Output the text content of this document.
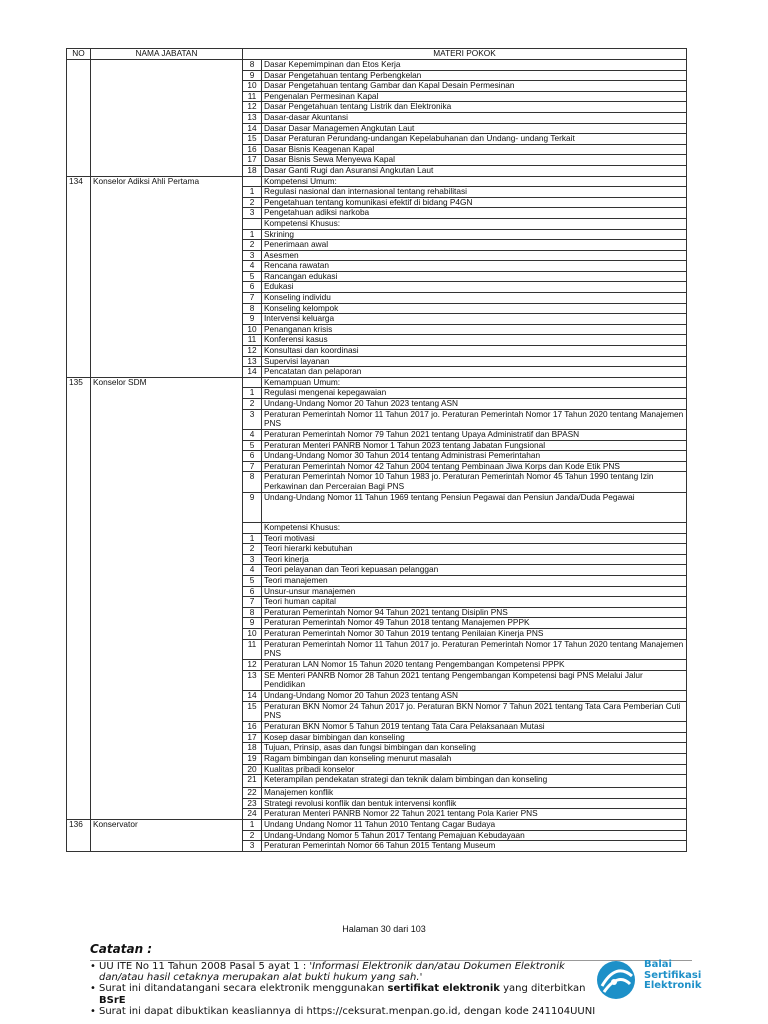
NO	NAMA JABATAN	MATERI POKOK	
		8	Dasar Kepemimpinan dan Etos Kerja
		9	Dasar Pengetahuan tentang Perbengkelan
		10	Dasar Pengetahuan tentang Gambar dan Kapal Desain Permesinan
		11	Pengenalan Permesinan Kapal
		12	Dasar Pengetahuan tentang Listrik dan Elektronika
		13	Dasar-dasar Akuntansi
		14	Dasar Dasar Managemen Angkutan Laut
		15	Dasar Peraturan Perundang-undangan Kepelabuhanan dan Undang- undang Terkait
		16	Dasar Bisnis Keagenan Kapal
		17	Dasar Bisnis Sewa Menyewa Kapal
		18	Dasar Ganti Rugi dan Asuransi Angkutan Laut
134	Konselor Adiksi Ahli Pertama		Kompetensi Umum:
		1	Regulasi nasional dan internasional tentang rehabilitasi
		2	Pengetahuan tentang komunikasi efektif di bidang P4GN
		3	Pengetahuan adiksi narkoba
			Kompetensi Khusus:
		1	Skrining
		2	Penerimaan awal
		3	Asesmen
		4	Rencana rawatan
		5	Rancangan edukasi
		6	Edukasi
		7	Konseling individu
		8	Konseling kelompok
		9	Intervensi keluarga
		10	Penanganan krisis
		11	Konferensi kasus
		12	Konsultasi dan koordinasi
		13	Supervisi layanan
		14	Pencatatan dan pelaporan
135	Konselor SDM		Kemampuan Umum:
		1	Regulasi mengenai kepegawaian
		2	Undang-Undang Nomor 20 Tahun 2023 tentang ASN
		3	Peraturan Pemerintah Nomor 11 Tahun 2017 jo. Peraturan Pemerintah Nomor 17 Tahun 2020 tentang Manajemen PNS
		4	Peraturan Pemerintah Nomor 79 Tahun 2021 tentang Upaya Administratif dan BPASN
		5	Peraturan Menteri PANRB Nomor 1 Tahun 2023 tentang Jabatan Fungsional
		6	Undang-Undang Nomor 30 Tahun 2014 tentang Administrasi Pemerintahan
		7	Peraturan Pemerintah Nomor 42 Tahun 2004 tentang Pembinaan Jiwa Korps dan Kode Etik PNS
		8	Peraturan Pemerintah Nomor 10 Tahun 1983 jo. Peraturan Pemerintah Nomor 45 Tahun 1990 tentang Izin Perkawinan dan Perceraian Bagi PNS
		9	Undang-Undang Nomor 11 Tahun 1969 tentang Pensiun Pegawai dan Pensiun Janda/Duda Pegawai
			Kompetensi Khusus:
		1	Teori motivasi
		2	Teori hierarki kebutuhan
		3	Teori kinerja
		4	Teori pelayanan dan Teori kepuasan pelanggan
		5	Teori manajemen
		6	Unsur-unsur manajemen
		7	Teori human capital
		8	Peraturan Pemerintah Nomor 94 Tahun 2021 tentang Disiplin PNS
		9	Peraturan Pemerintah Nomor 49 Tahun 2018 tentang Manajemen PPPK
		10	Peraturan Pemerintah Nomor 30 Tahun 2019 tentang Penilaian Kinerja PNS
		11	Peraturan Pemerintah Nomor 11 Tahun 2017 jo. Peraturan Pemerintah Nomor 17 Tahun 2020 tentang Manajemen PNS
		12	Peraturan LAN Nomor 15 Tahun 2020 tentang Pengembangan Kompetensi PPPK
		13	SE Menteri PANRB Nomor 28 Tahun 2021 tentang Pengembangan Kompetensi bagi PNS Melalui Jalur Pendidikan
		14	Undang-Undang Nomor 20 Tahun 2023 tentang ASN
		15	Peraturan BKN Nomor 24 Tahun 2017 jo. Peraturan BKN Nomor 7 Tahun 2021 tentang Tata Cara Pemberian Cuti PNS
		16	Peraturan BKN Nomor 5 Tahun 2019 tentang Tata Cara Pelaksanaan Mutasi
		17	Kosep dasar bimbingan dan konseling
		18	Tujuan, Prinsip, asas dan fungsi bimbingan dan konseling
		19	Ragam bimbingan dan konseling menurut masalah
		20	Kualitas pribadi konselor
		21	Keterampilan pendekatan strategi dan teknik dalam bimbingan dan konseling
		22	Manajemen konflik
		23	Strategi revolusi konflik dan bentuk intervensi konflik
		24	Peraturan Menteri PANRB Nomor 22 Tahun 2021 tentang Pola Karier PNS
136	Konservator	1	Undang Undang Nomor 11 Tahun 2010 Tentang Cagar Budaya
		2	Undang-Undang Nomor 5 Tahun 2017 Tentang Pemajuan Kebudayaan
		3	Peraturan Pemerintah Nomor 66 Tahun 2015 Tentang Museum
Halaman 30 dari 103
Catatan :
• UU ITE No 11 Tahun 2008 Pasal 5 ayat 1 : 'Informasi Elektronik dan/atau Dokumen Elektronik dan/atau hasil cetaknya merupakan alat bukti hukum yang sah.'
• Surat ini ditandatangani secara elektronik menggunakan sertifikat elektronik yang diterbitkan BSrE
• Surat ini dapat dibuktikan keasliannya di https://ceksurat.menpan.go.id, dengan kode 241104UUNI
Balai
Sertifikasi
Elektronik
